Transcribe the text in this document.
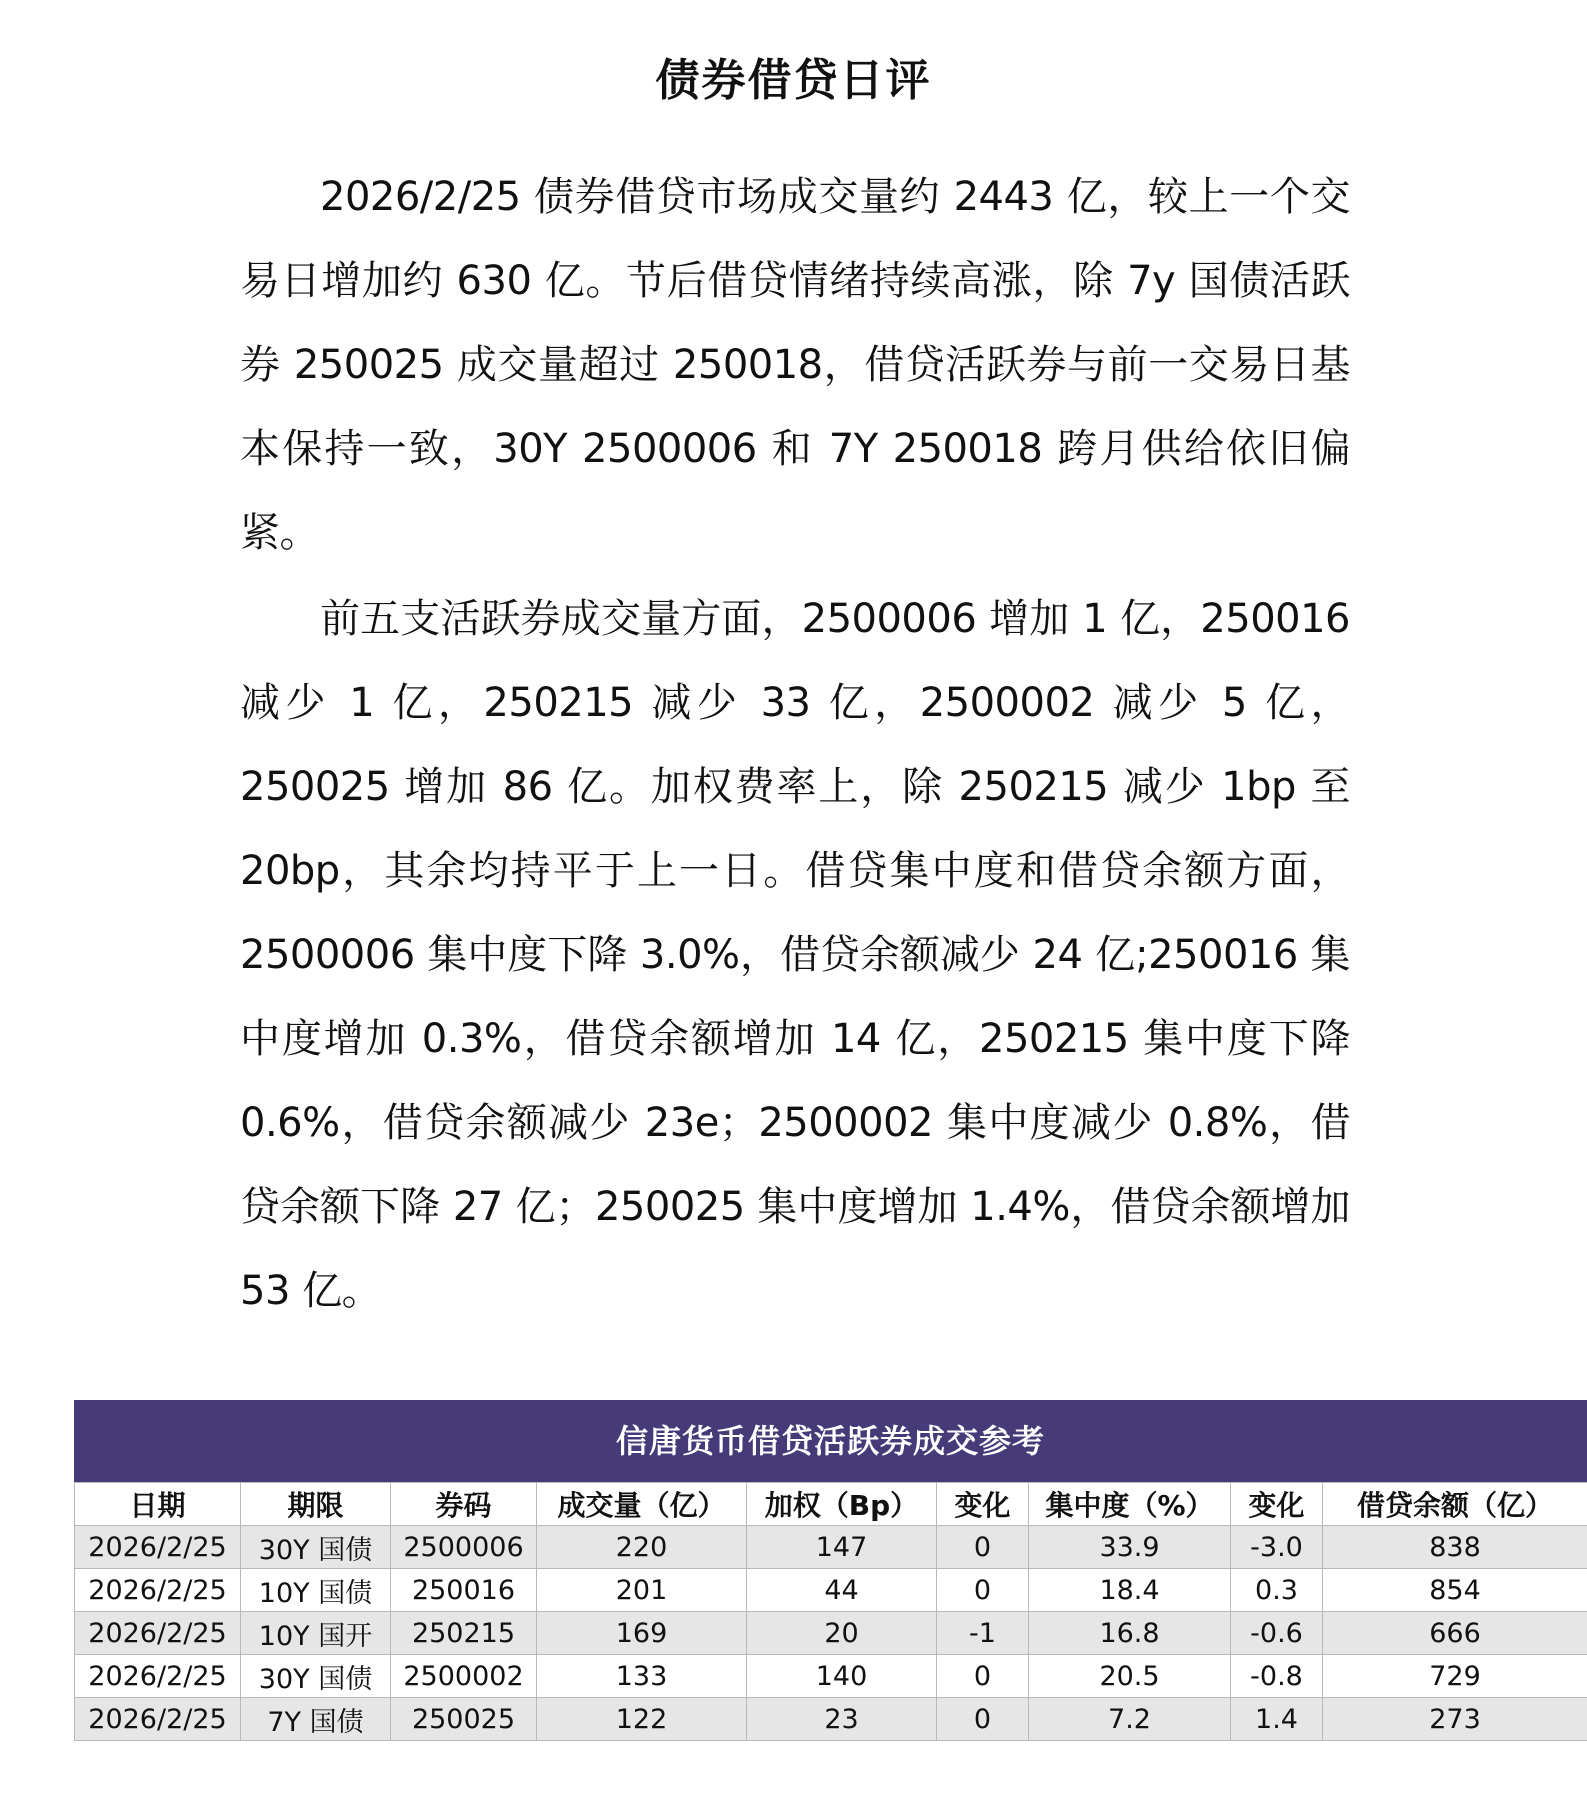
债券借贷日评

2026/2/25 债券借贷市场成交量约 2443 亿，较上一个交易日增加约 630 亿。节后借贷情绪持续高涨，除 7y 国债活跃券 250025 成交量超过 250018，借贷活跃券与前一交易日基本保持一致，30Y 2500006 和 7Y 250018 跨月供给依旧偏紧。

前五支活跃券成交量方面，2500006 增加 1 亿，250016 减少 1 亿，250215 减少 33 亿，2500002 减少 5 亿，250025 增加 86 亿。加权费率上，除 250215 减少 1bp 至 20bp，其余均持平于上一日。借贷集中度和借贷余额方面，2500006 集中度下降 3.0%，借贷余额减少 24 亿;250016 集中度增加 0.3%，借贷余额增加 14 亿，250215 集中度下降 0.6%，借贷余额减少 23e；2500002 集中度减少 0.8%，借贷余额下降 27 亿；250025 集中度增加 1.4%，借贷余额增加 53 亿。

信唐货币借贷活跃券成交参考
日期	期限	券码	成交量（亿）	加权（Bp）	变化	集中度（%）	变化	借贷余额（亿）
2026/2/25	30Y 国债	2500006	220	147	0	33.9	-3.0	838
2026/2/25	10Y 国债	250016	201	44	0	18.4	0.3	854
2026/2/25	10Y 国开	250215	169	20	-1	16.8	-0.6	666
2026/2/25	30Y 国债	2500002	133	140	0	20.5	-0.8	729
2026/2/25	7Y 国债	250025	122	23	0	7.2	1.4	273
